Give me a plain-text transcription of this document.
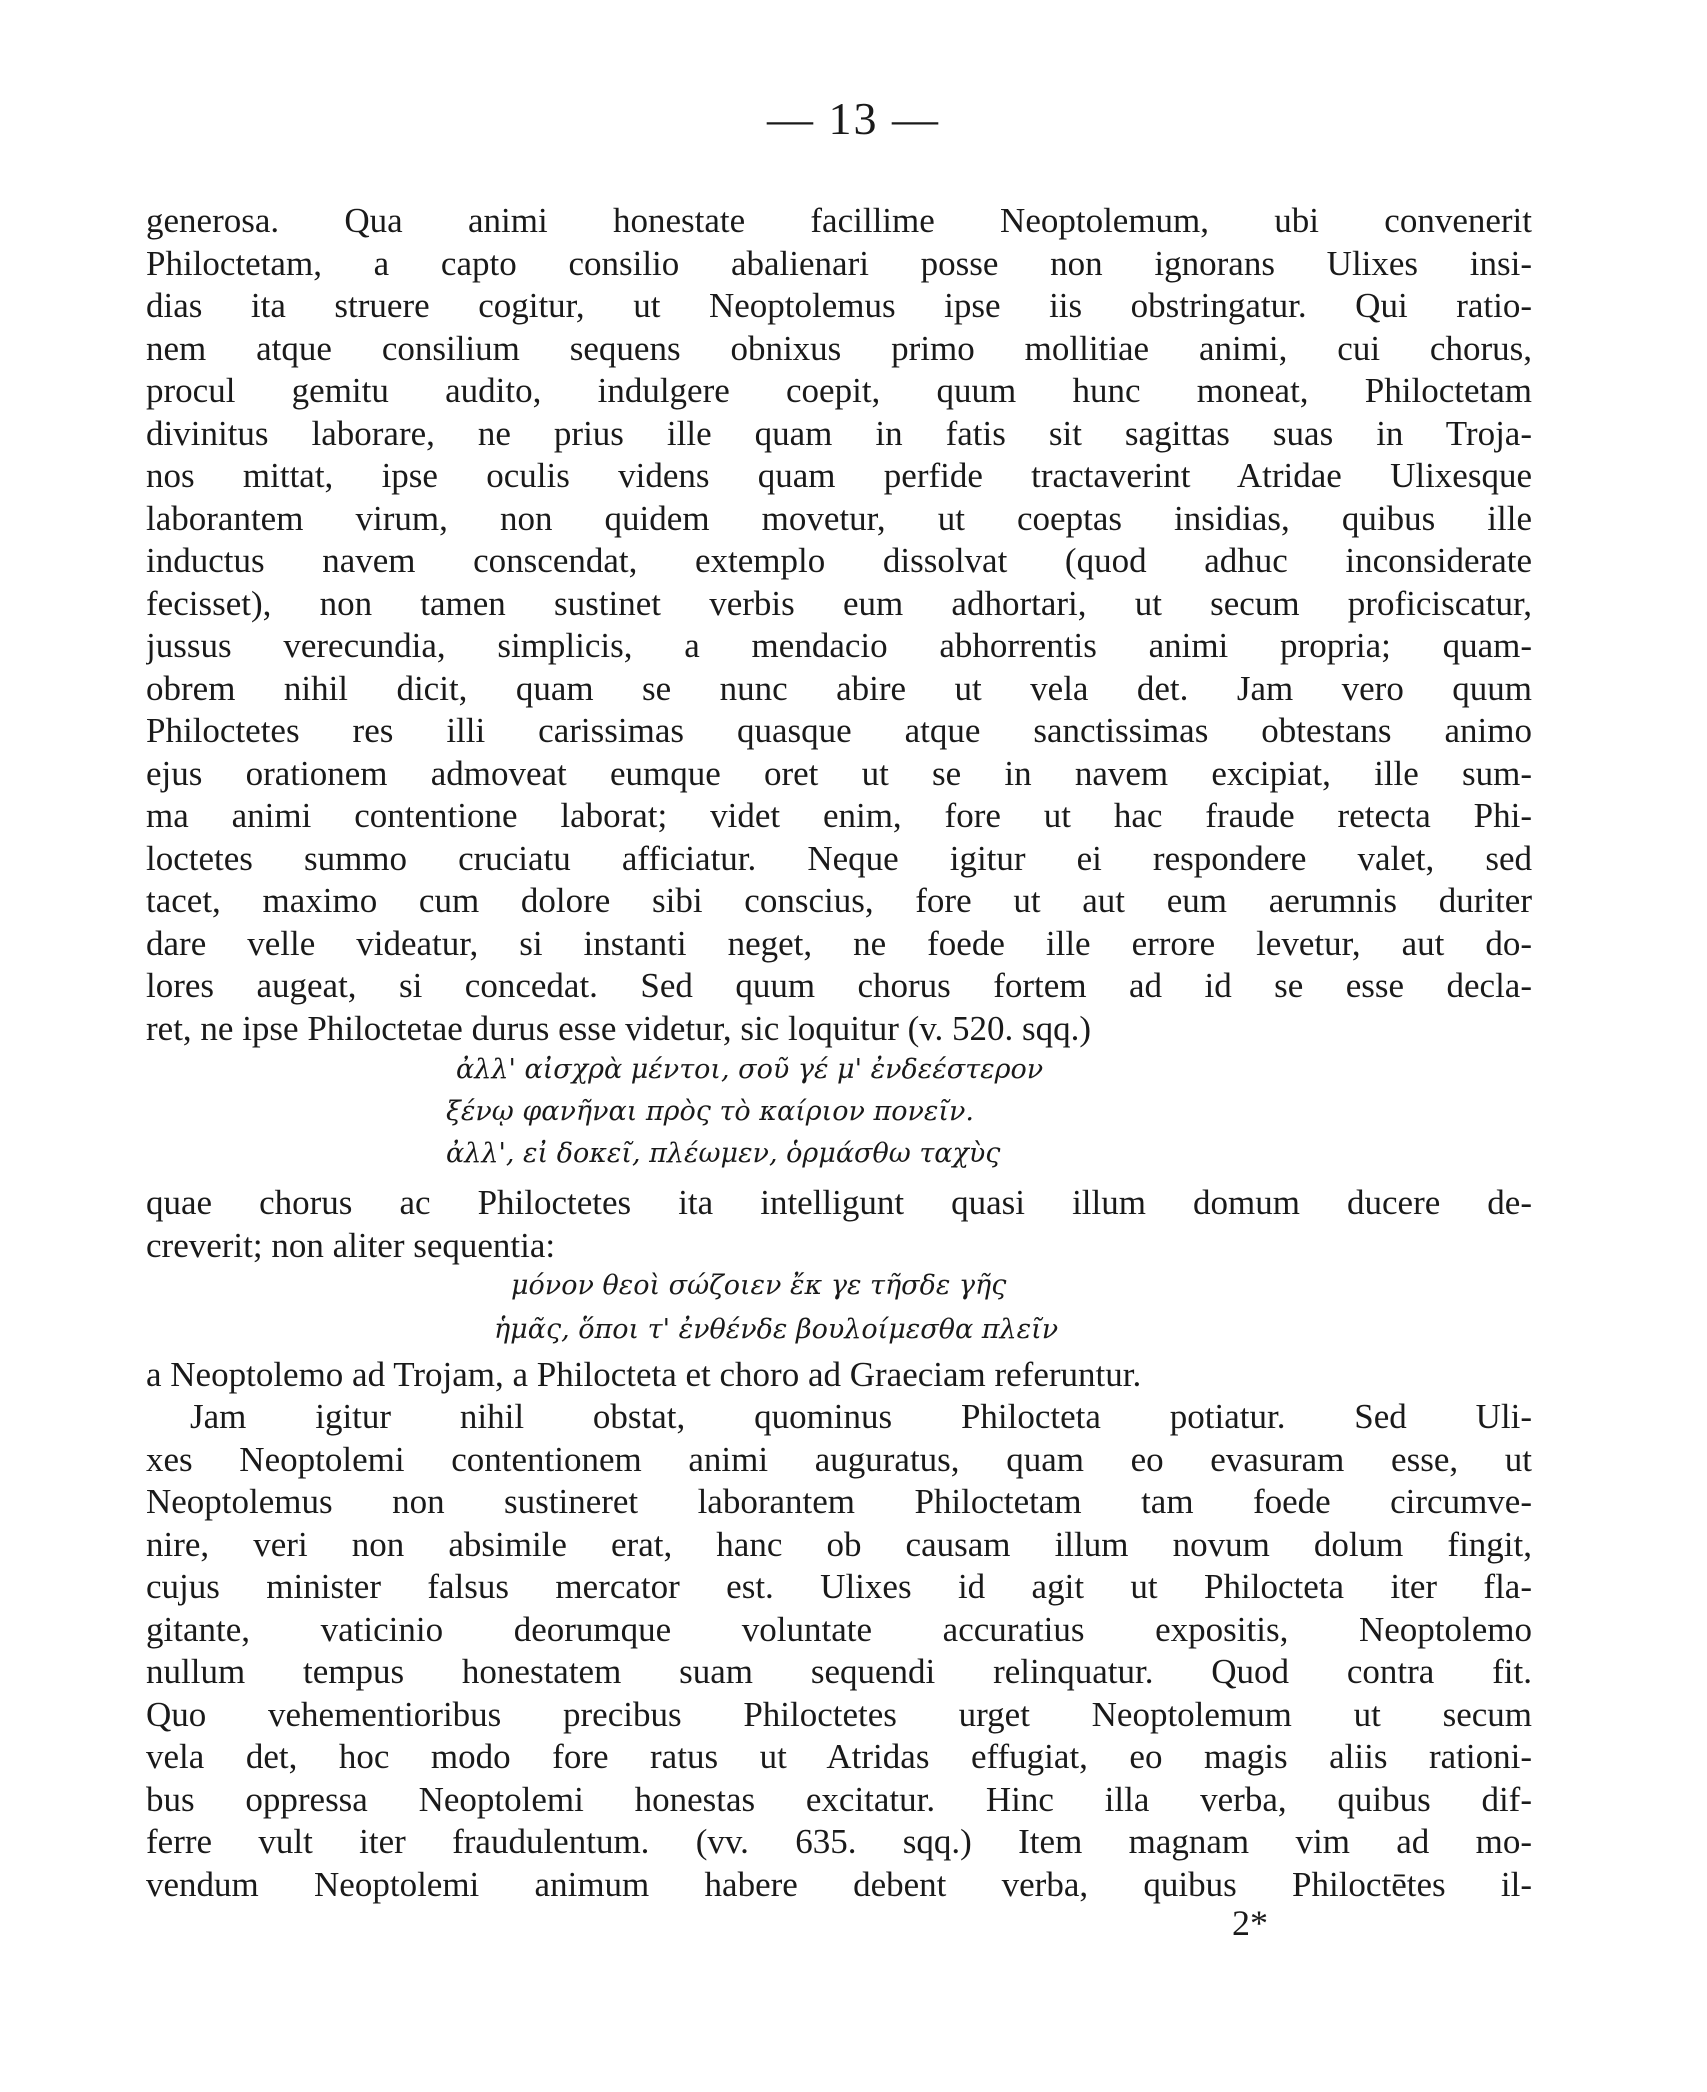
— 13 —
generosa. Qua animi honestate facillime Neoptolemum, ubi convenerit
Philoctetam, a capto consilio abalienari posse non ignorans Ulixes insi-
dias ita struere cogitur, ut Neoptolemus ipse iis obstringatur. Qui ratio-
nem atque consilium sequens obnixus primo mollitiae animi, cui chorus,
procul gemitu audito, indulgere coepit, quum hunc moneat, Philoctetam
divinitus laborare, ne prius ille quam in fatis sit sagittas suas in Troja-
nos mittat, ipse oculis videns quam perfide tractaverint Atridae Ulixesque
laborantem virum, non quidem movetur, ut coeptas insidias, quibus ille
inductus navem conscendat, extemplo dissolvat (quod adhuc inconsiderate
fecisset), non tamen sustinet verbis eum adhortari, ut secum proficiscatur,
jussus verecundia, simplicis, a mendacio abhorrentis animi propria; quam-
obrem nihil dicit, quam se nunc abire ut vela det. Jam vero quum
Philoctetes res illi carissimas quasque atque sanctissimas obtestans animo
ejus orationem admoveat eumque oret ut se in navem excipiat, ille sum-
ma animi contentione laborat; videt enim, fore ut hac fraude retecta Phi-
loctetes summo cruciatu afficiatur. Neque igitur ei respondere valet, sed
tacet, maximo cum dolore sibi conscius, fore ut aut eum aerumnis duriter
dare velle videatur, si instanti neget, ne foede ille errore levetur, aut do-
lores augeat, si concedat. Sed quum chorus fortem ad id se esse decla-
ret, ne ipse Philoctetae durus esse videtur, sic loquitur (v. 520. sqq.)
ἀλλ' αἰσχρὰ μέντοι, σοῦ γέ μ' ἐνδεέστερον
ξένῳ φανῆναι πρὸς τὸ καίριον πονεῖν.
ἀλλ', εἰ δοκεῖ, πλέωμεν, ὁρμάσθω ταχὺς
quae chorus ac Philoctetes ita intelligunt quasi illum domum ducere de-
creverit; non aliter sequentia:
μόνον θεοὶ σώζοιεν ἔκ γε τῆσδε γῆς
ἡμᾶς, ὅποι τ' ἐνθένδε βουλοίμεσθα πλεῖν
a Neoptolemo ad Trojam, a Philocteta et choro ad Graeciam referuntur.
Jam igitur nihil obstat, quominus Philocteta potiatur. Sed Uli-
xes Neoptolemi contentionem animi auguratus, quam eo evasuram esse, ut
Neoptolemus non sustineret laborantem Philoctetam tam foede circumve-
nire, veri non absimile erat, hanc ob causam illum novum dolum fingit,
cujus minister falsus mercator est. Ulixes id agit ut Philocteta iter fla-
gitante, vaticinio deorumque voluntate accuratius expositis, Neoptolemo
nullum tempus honestatem suam sequendi relinquatur. Quod contra fit.
Quo vehementioribus precibus Philoctetes urget Neoptolemum ut secum
vela det, hoc modo fore ratus ut Atridas effugiat, eo magis aliis rationi-
bus oppressa Neoptolemi honestas excitatur. Hinc illa verba, quibus dif-
ferre vult iter fraudulentum. (vv. 635. sqq.) Item magnam vim ad mo-
vendum Neoptolemi animum habere debent verba, quibus Philoctētes il-
2*
